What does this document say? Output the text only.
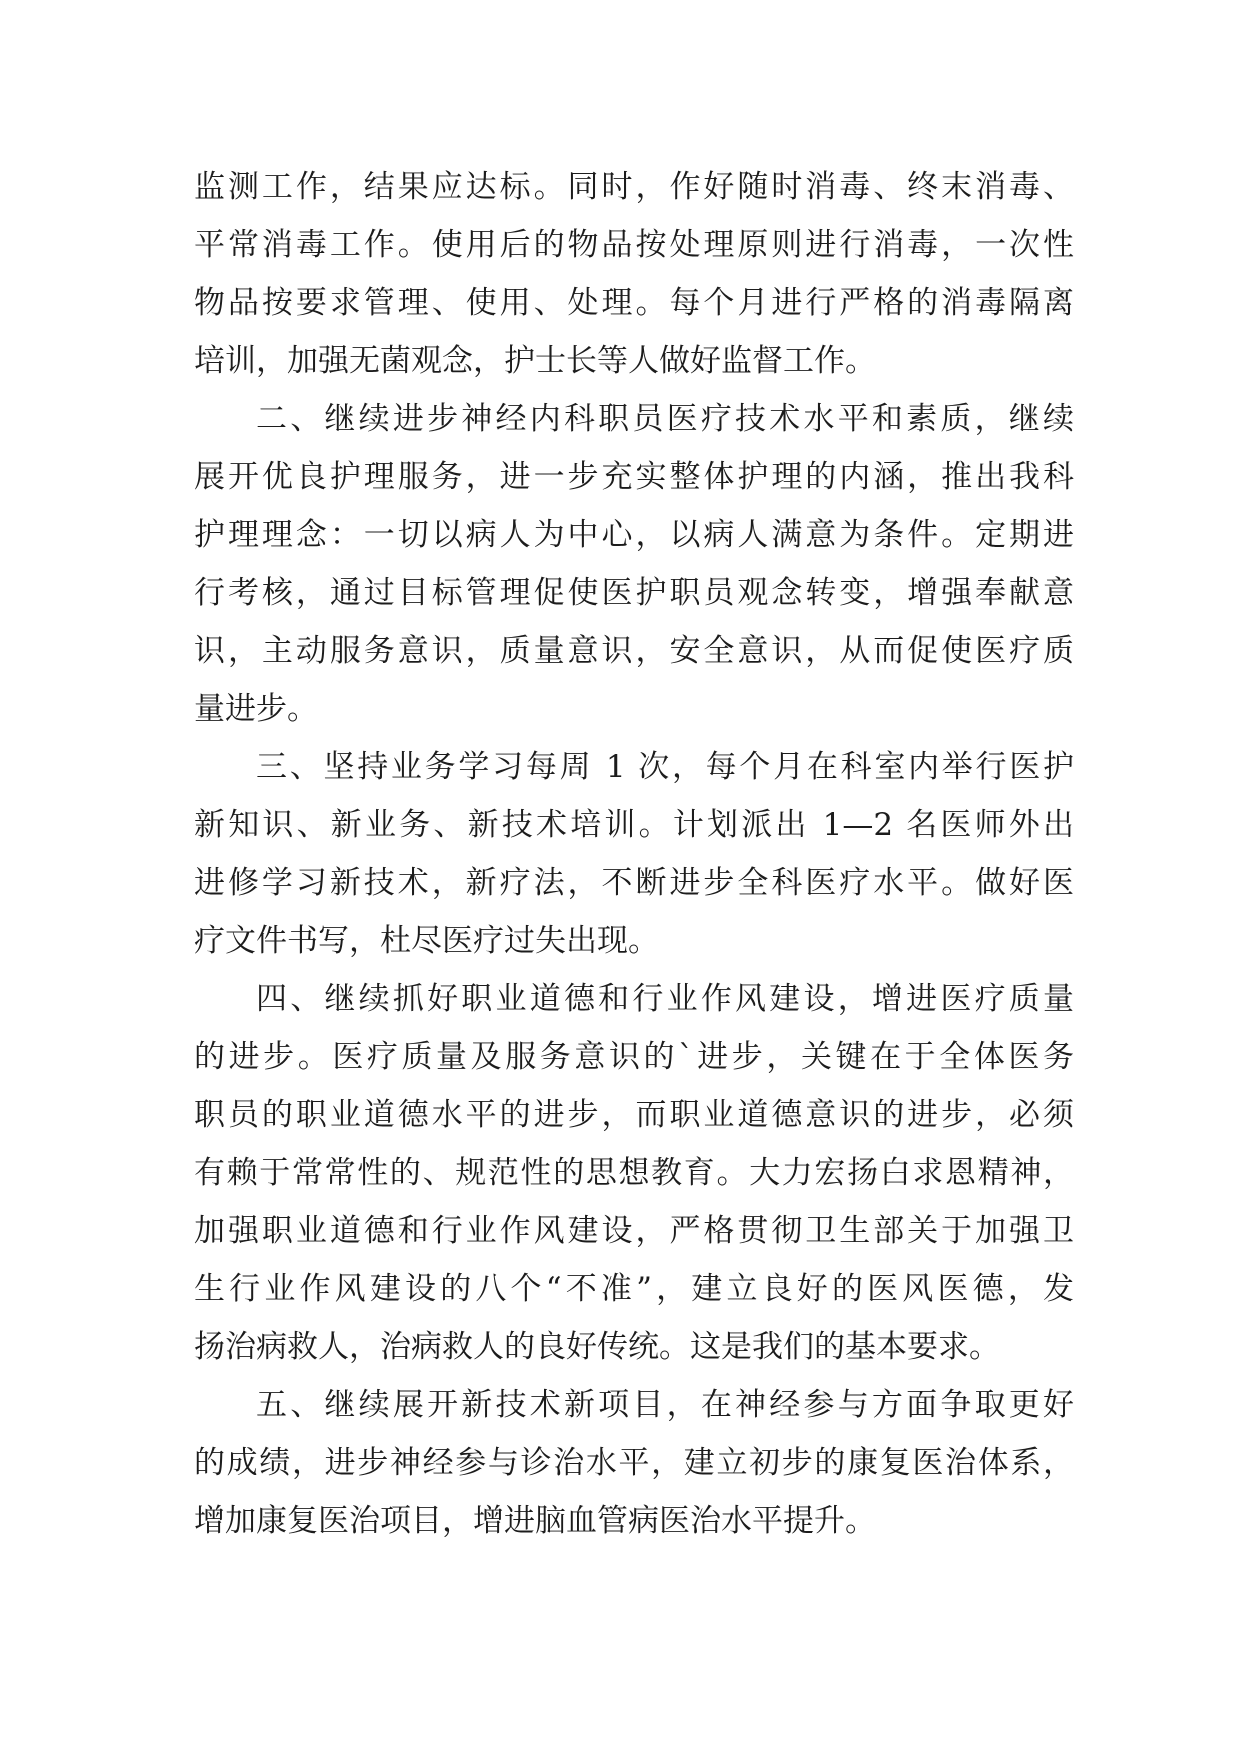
监测工作，结果应达标。同时，作好随时消毒、终末消毒、
平常消毒工作。使用后的物品按处理原则进行消毒，一次性
物品按要求管理、使用、处理。每个月进行严格的消毒隔离
培训，加强无菌观念，护士长等人做好监督工作。
二、继续进步神经内科职员医疗技术水平和素质，继续
展开优良护理服务，进一步充实整体护理的内涵，推出我科
护理理念：一切以病人为中心，以病人满意为条件。定期进
行考核，通过目标管理促使医护职员观念转变，增强奉献意
识，主动服务意识，质量意识，安全意识，从而促使医疗质
量进步。
三、坚持业务学习每周 1 次，每个月在科室内举行医护
新知识、新业务、新技术培训。计划派出 1—2 名医师外出
进修学习新技术，新疗法，不断进步全科医疗水平。做好医
疗文件书写，杜尽医疗过失出现。
四、继续抓好职业道德和行业作风建设，增进医疗质量
的进步。医疗质量及服务意识的`进步，关键在于全体医务
职员的职业道德水平的进步，而职业道德意识的进步，必须
有赖于常常性的、规范性的思想教育。大力宏扬白求恩精神，
加强职业道德和行业作风建设，严格贯彻卫生部关于加强卫
生行业作风建设的八个“不准”，建立良好的医风医德，发
扬治病救人，治病救人的良好传统。这是我们的基本要求。
五、继续展开新技术新项目，在神经参与方面争取更好
的成绩，进步神经参与诊治水平，建立初步的康复医治体系，
增加康复医治项目，增进脑血管病医治水平提升。
